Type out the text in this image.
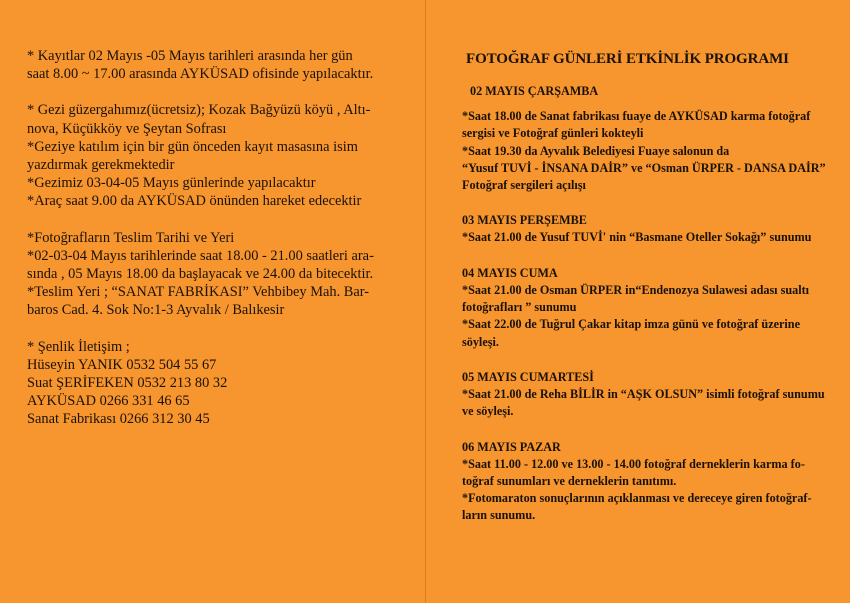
* Kayıtlar 02 Mayıs -05 Mayıs tarihleri arasında her gün
saat 8.00 ~ 17.00 arasında AYKÜSAD ofisinde yapılacaktır.
* Gezi güzergahımız(ücretsiz); Kozak Bağyüzü köyü , Altı-
nova, Küçükköy ve Şeytan Sofrası
*Geziye katılım için bir gün önceden kayıt masasına isim
yazdırmak gerekmektedir
*Gezimiz 03-04-05 Mayıs günlerinde yapılacaktır
*Araç saat 9.00 da AYKÜSAD önünden hareket edecektir
*Fotoğrafların Teslim Tarihi ve Yeri
*02-03-04 Mayıs tarihlerinde saat 18.00 - 21.00 saatleri ara-
sında , 05 Mayıs 18.00 da başlayacak ve 24.00 da bitecektir.
*Teslim Yeri ; “SANAT FABRİKASI” Vehbibey Mah. Bar-
baros Cad. 4. Sok No:1-3 Ayvalık / Balıkesir
* Şenlik İletişim ;
Hüseyin YANIK 0532 504 55 67
Suat ŞERİFEKEN 0532 213 80 32
AYKÜSAD 0266 331 46 65
Sanat Fabrikası 0266 312 30 45
FOTOĞRAF GÜNLERİ ETKİNLİK PROGRAMI
02 MAYIS ÇARŞAMBA
*Saat 18.00 de Sanat fabrikası fuaye de AYKÜSAD karma fotoğraf
sergisi ve Fotoğraf günleri kokteyli
*Saat 19.30 da Ayvalık Belediyesi Fuaye salonun da
“Yusuf TUVİ - İNSANA DAİR” ve “Osman ÜRPER - DANSA DAİR”
Fotoğraf sergileri açılışı
03 MAYIS PERŞEMBE
*Saat 21.00 de Yusuf TUVİ' nin “Basmane Oteller Sokağı” sunumu
04 MAYIS CUMA
*Saat 21.00 de Osman ÜRPER in“Endenozya Sulawesi adası sualtı
fotoğrafları ” sunumu
*Saat 22.00 de Tuğrul Çakar kitap imza günü ve fotoğraf üzerine
söyleşi.
05 MAYIS CUMARTESİ
*Saat 21.00 de Reha BİLİR in “AŞK OLSUN” isimli fotoğraf sunumu
ve söyleşi.
06 MAYIS PAZAR
*Saat 11.00 - 12.00 ve 13.00 - 14.00 fotoğraf derneklerin karma fo-
toğraf sunumları ve derneklerin tanıtımı.
*Fotomaraton sonuçlarının açıklanması ve dereceye giren fotoğraf-
ların sunumu.
